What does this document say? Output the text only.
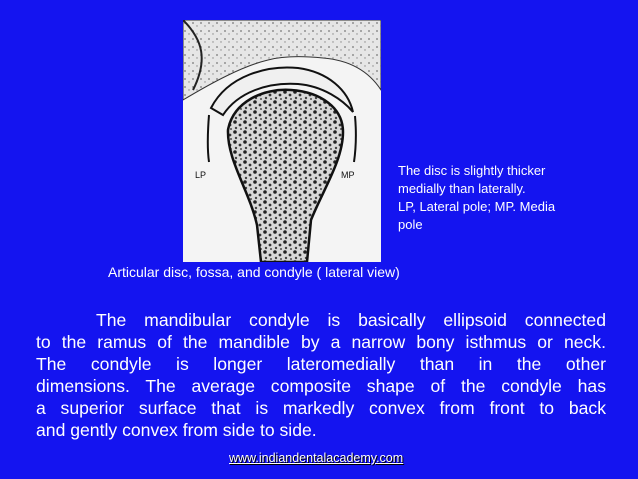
LP	MP	The disc is slightly thicker
medially than laterally.
LP, Lateral pole; MP. Media
pole
Articular disc, fossa, and condyle ( lateral view)
The mandibular condyle is basically ellipsoid connected
to the ramus of the mandible by a narrow bony isthmus or neck.
The condyle is longer lateromedially than in the other
dimensions. The average composite shape of the condyle has
a superior surface that is markedly convex from front to back
and gently convex from side to side.
www.indiandentalacademy.com
